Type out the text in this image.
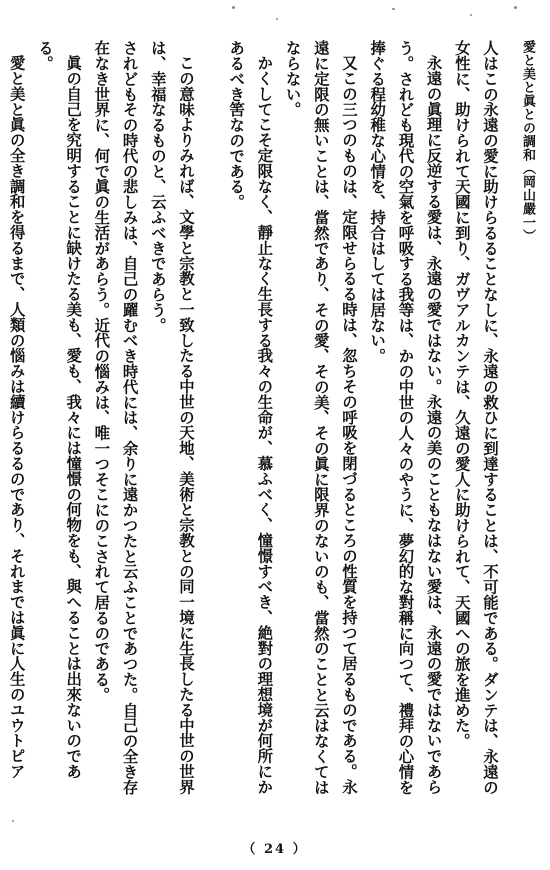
愛と美と眞との調和（岡山嚴一）

人はこの永遠の愛に助けらるることなしに、永遠の救ひに到達することは、不可能である。ダンテは、永遠の女性に、助けられて天國に到り、ガヴアルカンテは、久遠の愛人に助けられて、天國への旅を進めた。

永遠の眞理に反逆する愛は、永遠の愛ではない。永遠の美のこともなはない愛は、永遠の愛ではないであらう。されども現代の空氣を呼吸する我等は、かの中世の人々のやうに、夢幻的な對稱に向つて、禮拜の心情を捧ぐる程幼稚な心情を、持合はしては居ない。

又この三つのものは、定限せらるる時は、忽ちその呼吸を閉づるところの性質を持つて居るものである。永遠に定限の無いことは、當然であり、その愛、その美、その眞に限界のないのも、當然のことと云はなくてはならない。

かくしてこそ定限なく、靜止なく生長する我々の生命が、慕ふべく、憧憬すべき、絶對の理想境が何所にかあるべき筈なのである。

この意味よりみれば、文學と宗教と一致したる中世の天地、美術と宗教との同一境に生長したる中世の世界は、幸福なるものと、云ふべきであらう。

されどもその時代の悲しみは、自己の躍むべき時代には、余りに遠かつたと云ふことであつた。自己の全き存在なき世界に、何で眞の生活があらう。近代の惱みは、唯一つそこにのこされて居るのである。

眞の自己を究明することに缺けたる美も、愛も、我々には憧憬の何物をも、與へることは出來ないのである。

愛と美と眞の全き調和を得るまで、人類の惱みは續けらるるのであり、それまでは眞に人生のユウトピア

（ 24 ）
